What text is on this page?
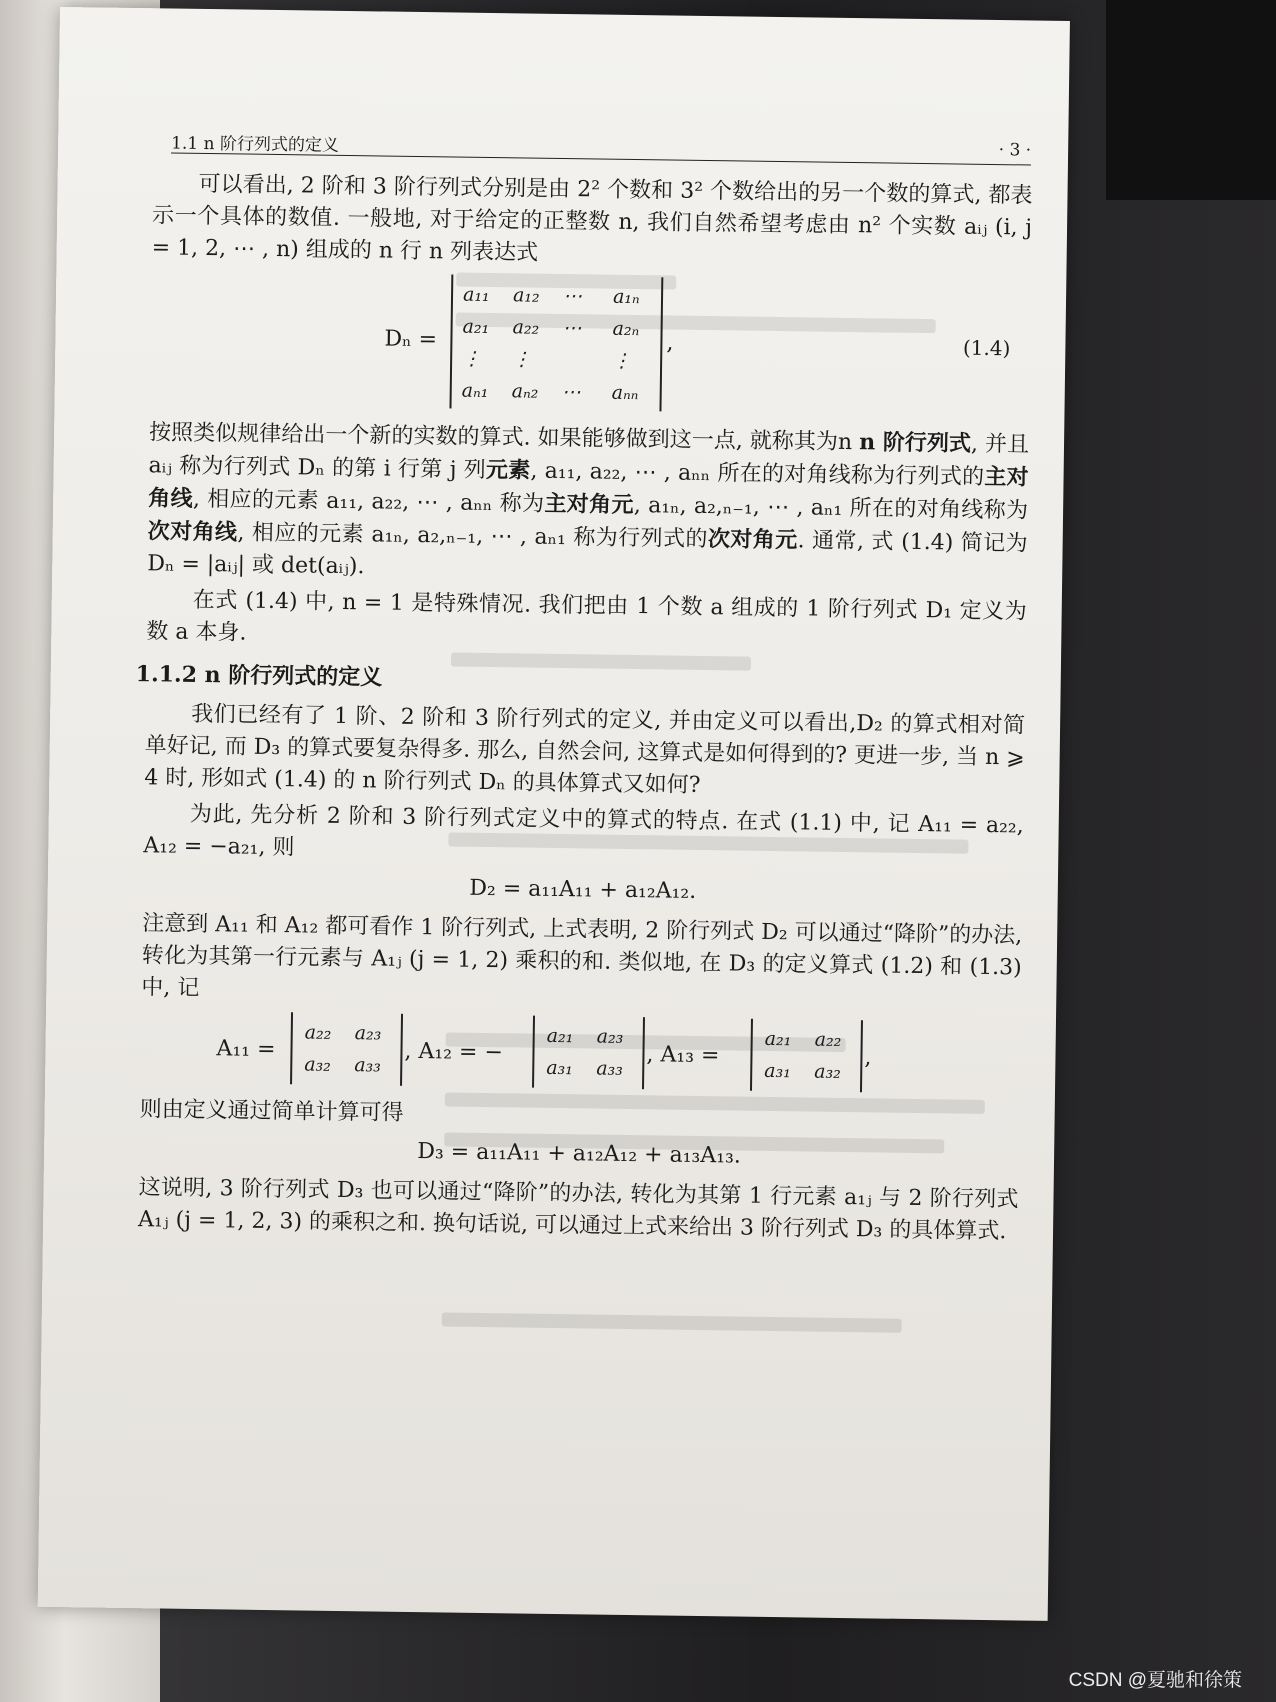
1.1 n 阶行列式的定义	· 3 ·

可以看出, 2 阶和 3 阶行列式分别是由 2² 个数和 3² 个数给出的另一个数的算式, 都表示一个具体的数值. 一般地, 对于给定的正整数 n, 我们自然希望考虑由 n² 个实数 aᵢⱼ (i, j = 1, 2, ⋯ , n) 组成的 n 行 n 列表达式

Dₙ =
a₁₁ a₁₂ ⋯ a₁ₙ
a₂₁ a₂₂ ⋯ a₂ₙ
⋮ ⋮	⋮
aₙ₁ aₙ₂ ⋯ aₙₙ
,	(1.4)

按照类似规律给出一个新的实数的算式. 如果能够做到这一点, 就称其为n n 阶行列式, 并且 aᵢⱼ 称为行列式 Dₙ 的第 i 行第 j 列元素, a₁₁, a₂₂, ⋯ , aₙₙ 所在的对角线称为行列式的主对角线, 相应的元素 a₁₁, a₂₂, ⋯ , aₙₙ 称为主对角元, a₁ₙ, a₂,ₙ₋₁, ⋯ , aₙ₁ 所在的对角线称为次对角线, 相应的元素 a₁ₙ, a₂,ₙ₋₁, ⋯ , aₙ₁ 称为行列式的次对角元. 通常, 式 (1.4) 简记为 Dₙ = |aᵢⱼ| 或 det(aᵢⱼ).

在式 (1.4) 中, n = 1 是特殊情况. 我们把由 1 个数 a 组成的 1 阶行列式 D₁ 定义为数 a 本身.

1.1.2 n 阶行列式的定义

我们已经有了 1 阶、2 阶和 3 阶行列式的定义, 并由定义可以看出,D₂ 的算式相对简单好记, 而 D₃ 的算式要复杂得多. 那么, 自然会问, 这算式是如何得到的? 更进一步, 当 n ⩾ 4 时, 形如式 (1.4) 的 n 阶行列式 Dₙ 的具体算式又如何?

为此, 先分析 2 阶和 3 阶行列式定义中的算式的特点. 在式 (1.1) 中, 记 A₁₁ = a₂₂, A₁₂ = −a₂₁, 则

D₂ = a₁₁A₁₁ + a₁₂A₁₂.

注意到 A₁₁ 和 A₁₂ 都可看作 1 阶行列式, 上式表明, 2 阶行列式 D₂ 可以通过“降阶”的办法, 转化为其第一行元素与 A₁ⱼ (j = 1, 2) 乘积的和. 类似地, 在 D₃ 的定义算式 (1.2) 和 (1.3) 中, 记

A₁₁ =
a₂₂ a₂₃
a₃₂ a₃₃
, A₁₂ = −
a₂₁ a₂₃
a₃₁ a₃₃
, A₁₃ =
a₂₁ a₂₂
a₃₁ a₃₂
,

则由定义通过简单计算可得

D₃ = a₁₁A₁₁ + a₁₂A₁₂ + a₁₃A₁₃.

这说明, 3 阶行列式 D₃ 也可以通过“降阶”的办法, 转化为其第 1 行元素 a₁ⱼ 与 2 阶行列式 A₁ⱼ (j = 1, 2, 3) 的乘积之和. 换句话说, 可以通过上式来给出 3 阶行列式 D₃ 的具体算式.

CSDN @夏驰和徐策
